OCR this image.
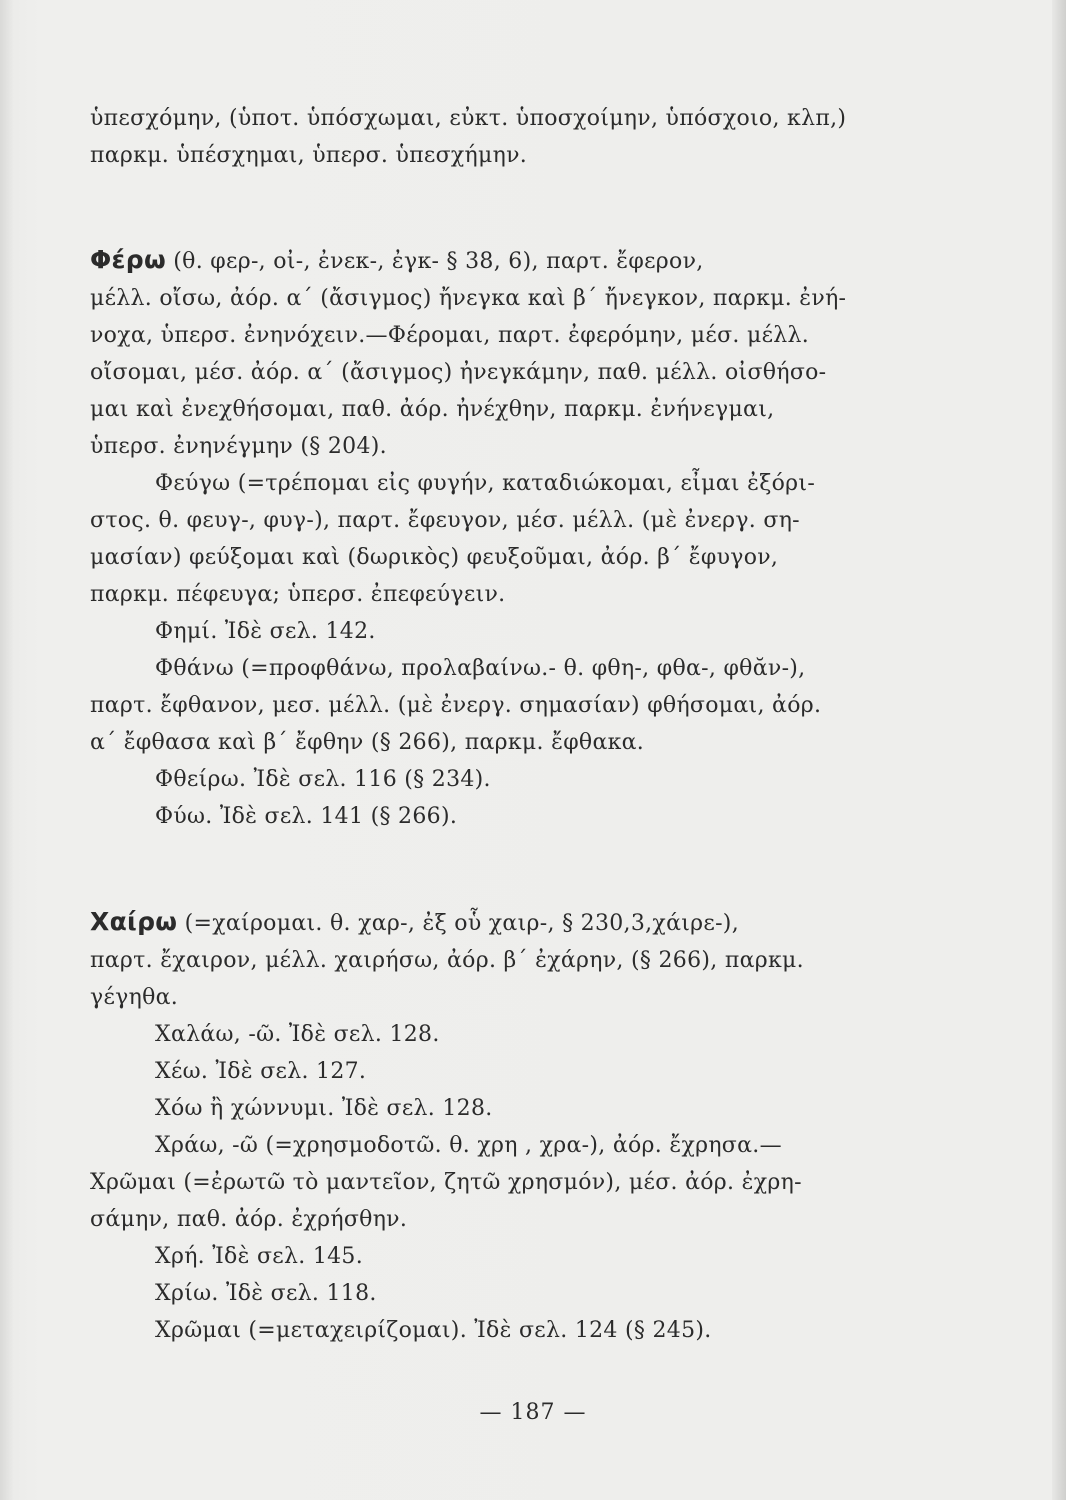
ὑπεσχόμην, (ὑποτ. ὑπόσχωμαι, εὐκτ. ὑποσχοίμην, ὑπόσχοιο, κλπ,)
παρκμ. ὑπέσχημαι, ὑπερσ. ὑπεσχήμην.
Φέρω (θ. φερ-, οἰ-, ἐνεκ-, ἐγκ- § 38, 6), παρτ. ἔφερον,
μέλλ. οἴσω, ἀόρ. α΄ (ἄσιγμος) ἤνεγκα καὶ β΄ ἤνεγκον, παρκμ. ἐνή-
νοχα, ὑπερσ. ἐνηνόχειν.—Φέρομαι, παρτ. ἐφερόμην, μέσ. μέλλ.
οἴσομαι, μέσ. ἀόρ. α΄ (ἄσιγμος) ἠνεγκάμην, παθ. μέλλ. οἰσθήσο-
μαι καὶ ἐνεχθήσομαι, παθ. ἀόρ. ἠνέχθην, παρκμ. ἐνήνεγμαι,
ὑπερσ. ἐνηνέγμην (§ 204).
Φεύγω (=τρέπομαι εἰς φυγήν, καταδιώκομαι, εἶμαι ἐξόρι-
στος. θ. φευγ-, φυγ-), παρτ. ἔφευγον, μέσ. μέλλ. (μὲ ἐνεργ. ση-
μασίαν) φεύξομαι καὶ (δωρικὸς) φευξοῦμαι, ἀόρ. β΄ ἔφυγον,
παρκμ. πέφευγα; ὑπερσ. ἐπεφεύγειν.
Φημί. Ἰδὲ σελ. 142.
Φθάνω (=προφθάνω, προλαβαίνω.- θ. φθη-, φθα-, φθᾰν-),
παρτ. ἔφθανον, μεσ. μέλλ. (μὲ ἐνεργ. σημασίαν) φθήσομαι, ἀόρ.
α΄ ἔφθασα καὶ β΄ ἔφθην (§ 266), παρκμ. ἔφθακα.
Φθείρω. Ἰδὲ σελ. 116 (§ 234).
Φύω. Ἰδὲ σελ. 141 (§ 266).
Χαίρω (=χαίρομαι. θ. χαρ-, ἐξ οὗ χαιρ-, § 230,3,χάιρε-),
παρτ. ἔχαιρον, μέλλ. χαιρήσω, ἀόρ. β΄ ἐχάρην, (§ 266), παρκμ.
γέγηθα.
Χαλάω, -ῶ. Ἰδὲ σελ. 128.
Χέω. Ἰδὲ σελ. 127.
Χόω ἢ χώννυμι. Ἰδὲ σελ. 128.
Χράω, -ῶ (=χρησμοδοτῶ. θ. χρη , χρα-), ἀόρ. ἔχρησα.—
Χρῶμαι (=ἐρωτῶ τὸ μαντεῖον, ζητῶ χρησμόν), μέσ. ἀόρ. ἐχρη-
σάμην, παθ. ἀόρ. ἐχρήσθην.
Χρή. Ἰδὲ σελ. 145.
Χρίω. Ἰδὲ σελ. 118.
Χρῶμαι (=μεταχειρίζομαι). Ἰδὲ σελ. 124 (§ 245).
— 187 —
